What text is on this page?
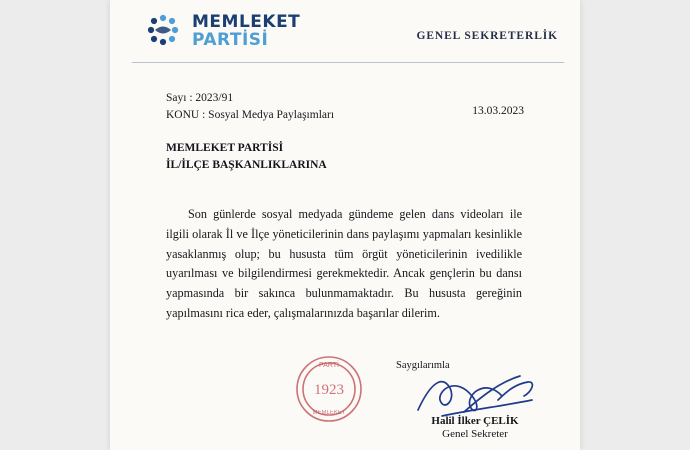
MEMLEKET
PARTİSİ	GENEL SEKRETERLİK
Sayı : 2023/91
KONU : Sosyal Medya Paylaşımları	13.03.2023
MEMLEKET PARTİSİ
İL/İLÇE BAŞKANLIKLARINA
Son günlerde sosyal medyada gündeme gelen dans videoları ile ilgili olarak İl ve İlçe yöneticilerinin dans paylaşımı yapmaları kesinlikle yasaklanmış olup; bu hususta tüm örgüt yöneticilerinin ivedilikle uyarılması ve bilgilendirmesi gerekmektedir. Ancak gençlerin bu dansı yapmasında bir sakınca bulunmamaktadır. Bu hususta gereğinin yapılmasını rica eder, çalışmalarınızda başarılar dilerim.
PARTİ
1923
MEMLEKET
Saygılarımla
Halil İlker ÇELİK
Genel Sekreter
